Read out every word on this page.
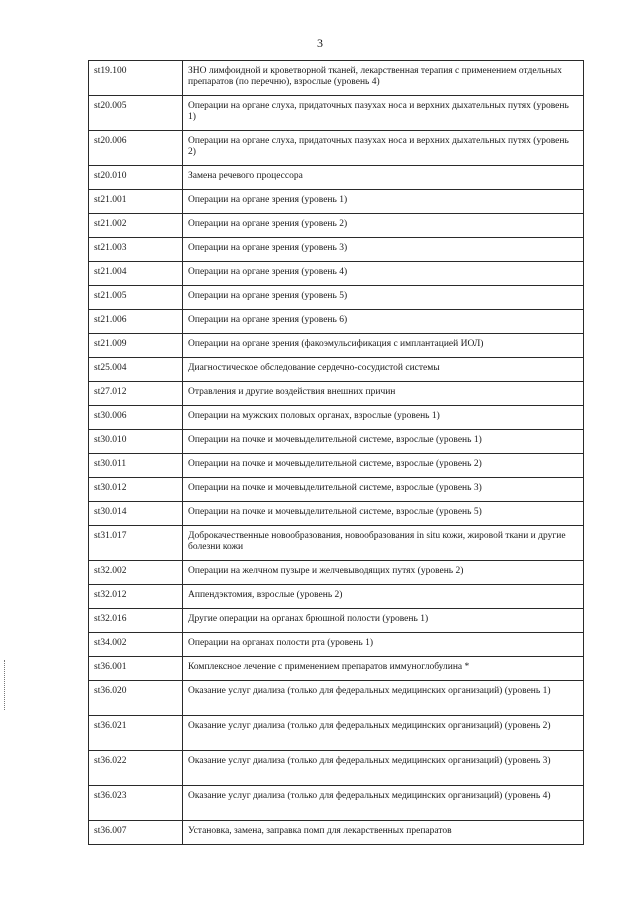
3
st19.100	ЗНО лимфоидной и кроветворной тканей, лекарственная терапия с применением отдельных препаратов (по перечню), взрослые (уровень 4)
st20.005	Операции на органе слуха, придаточных пазухах носа и верхних дыхательных путях (уровень 1)
st20.006	Операции на органе слуха, придаточных пазухах носа и верхних дыхательных путях (уровень 2)
st20.010	Замена речевого процессора
st21.001	Операции на органе зрения (уровень 1)
st21.002	Операции на органе зрения (уровень 2)
st21.003	Операции на органе зрения (уровень 3)
st21.004	Операции на органе зрения (уровень 4)
st21.005	Операции на органе зрения (уровень 5)
st21.006	Операции на органе зрения (уровень 6)
st21.009	Операции на органе зрения (факоэмульсификация с имплантацией ИОЛ)
st25.004	Диагностическое обследование сердечно-сосудистой системы
st27.012	Отравления и другие воздействия внешних причин
st30.006	Операции на мужских половых органах, взрослые (уровень 1)
st30.010	Операции на почке и мочевыделительной системе, взрослые (уровень 1)
st30.011	Операции на почке и мочевыделительной системе, взрослые (уровень 2)
st30.012	Операции на почке и мочевыделительной системе, взрослые (уровень 3)
st30.014	Операции на почке и мочевыделительной системе, взрослые (уровень 5)
st31.017	Доброкачественные новообразования, новообразования in situ кожи, жировой ткани и другие болезни кожи
st32.002	Операции на желчном пузыре и желчевыводящих путях (уровень 2)
st32.012	Аппендэктомия, взрослые (уровень 2)
st32.016	Другие операции на органах брюшной полости (уровень 1)
st34.002	Операции на органах полости рта (уровень 1)
st36.001	Комплексное лечение с применением препаратов иммуноглобулина *
st36.020	Оказание услуг диализа (только для федеральных медицинских организаций) (уровень 1)
st36.021	Оказание услуг диализа (только для федеральных медицинских организаций) (уровень 2)
st36.022	Оказание услуг диализа (только для федеральных медицинских организаций) (уровень 3)
st36.023	Оказание услуг диализа (только для федеральных медицинских организаций) (уровень 4)
st36.007	Установка, замена, заправка помп для лекарственных препаратов
